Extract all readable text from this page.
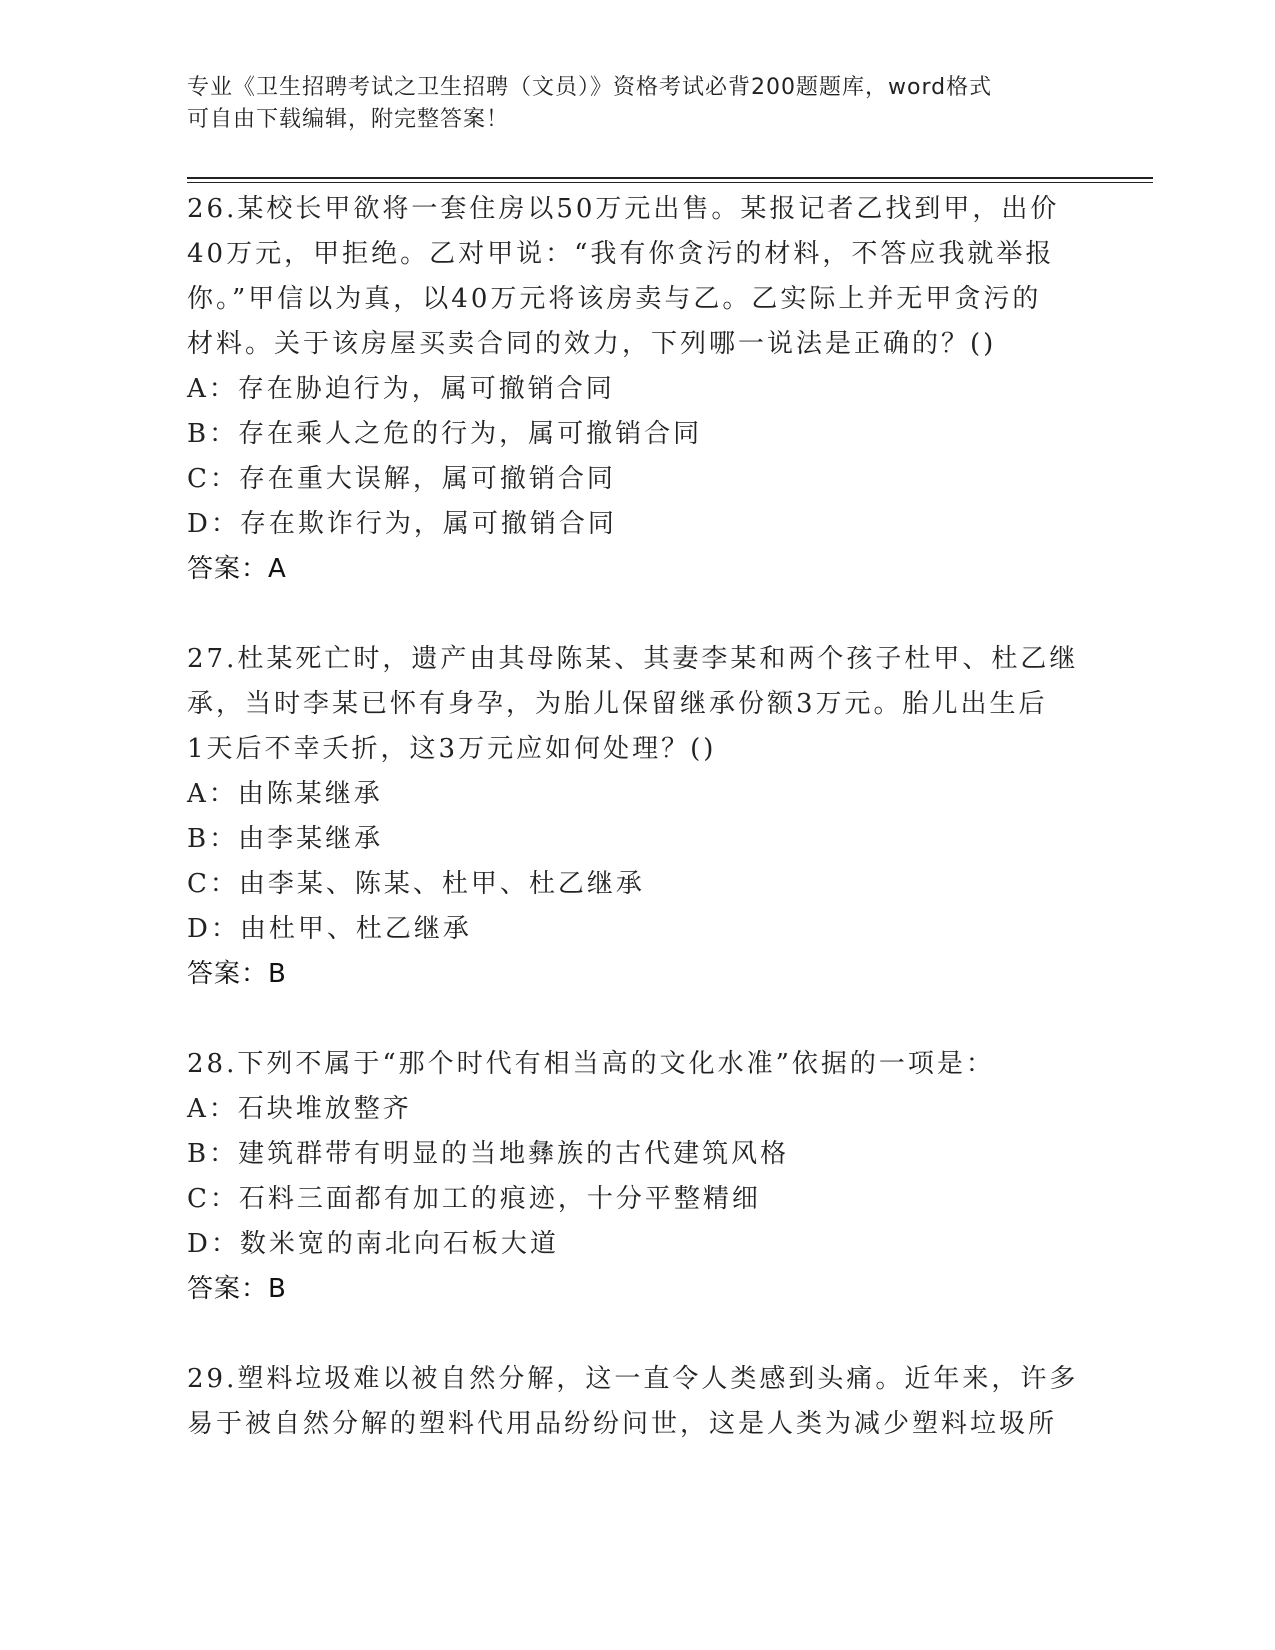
专业《卫生招聘考试之卫生招聘（文员）》资格考试必背200题题库，word格式
可自由下载编辑，附完整答案！
26.某校长甲欲将一套住房以50万元出售。某报记者乙找到甲，出价
40万元，甲拒绝。乙对甲说：“我有你贪污的材料，不答应我就举报
你。”甲信以为真，以40万元将该房卖与乙。乙实际上并无甲贪污的
材料。关于该房屋买卖合同的效力，下列哪一说法是正确的？()
A：存在胁迫行为，属可撤销合同
B：存在乘人之危的行为，属可撤销合同
C：存在重大误解，属可撤销合同
D：存在欺诈行为，属可撤销合同
答案：A
27.杜某死亡时，遗产由其母陈某、其妻李某和两个孩子杜甲、杜乙继
承，当时李某已怀有身孕，为胎儿保留继承份额3万元。胎儿出生后
1天后不幸夭折，这3万元应如何处理？()
A：由陈某继承
B：由李某继承
C：由李某、陈某、杜甲、杜乙继承
D：由杜甲、杜乙继承
答案：B
28.下列不属于“那个时代有相当高的文化水准”依据的一项是：
A：石块堆放整齐
B：建筑群带有明显的当地彝族的古代建筑风格
C：石料三面都有加工的痕迹，十分平整精细
D：数米宽的南北向石板大道
答案：B
29.塑料垃圾难以被自然分解，这一直令人类感到头痛。近年来，许多
易于被自然分解的塑料代用品纷纷问世，这是人类为减少塑料垃圾所
